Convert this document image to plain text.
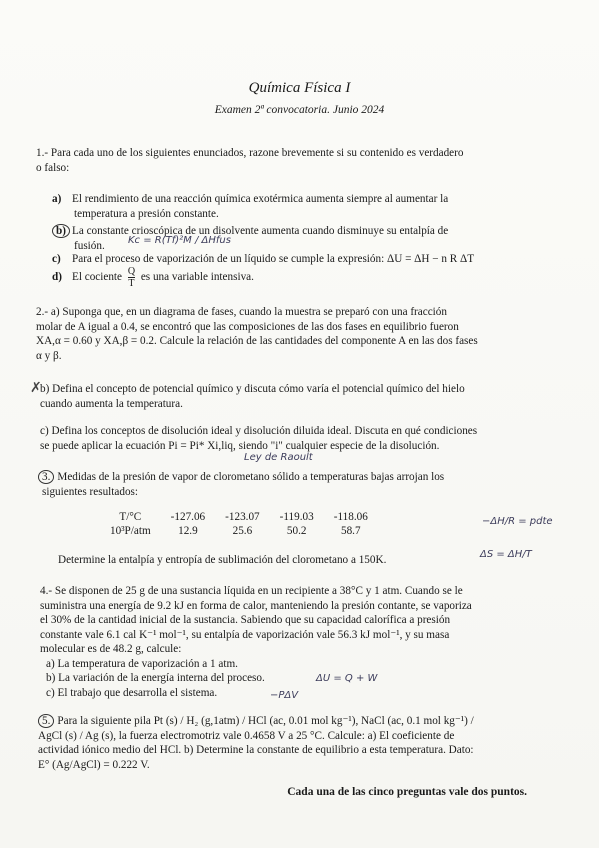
Química Física I
Examen 2ª convocatoria. Junio 2024
1.- Para cada uno de los siguientes enunciados, razone brevemente si su contenido es verdadero
o falso:
a) El rendimiento de una reacción química exotérmica aumenta siempre al aumentar la
temperatura a presión constante.
b) La constante crioscópica de un disolvente aumenta cuando disminuye su entalpía de
fusión.	Kc = R(Tf)²M / ΔHfus
c) Para el proceso de vaporización de un líquido se cumple la expresión: ΔU = ΔH − n R ΔT
d) El cociente $\frac{Q}{T}$ es una variable intensiva.
2.- a) Suponga que, en un diagrama de fases, cuando la muestra se preparó con una fracción
molar de A igual a 0.4, se encontró que las composiciones de las dos fases en equilibrio fueron
XA,α = 0.60 y XA,β = 0.2. Calcule la relación de las cantidades del componente A en las dos fases
α y β.
✗
b) Defina el concepto de potencial químico y discuta cómo varía el potencial químico del hielo
cuando aumenta la temperatura.
c) Defina los conceptos de disolución ideal y disolución diluida ideal. Discuta en qué condiciones
se puede aplicar la ecuación Pi = Pi* Xi,liq, siendo "i" cualquier especie de la disolución.
Ley de Raoult
3. Medidas de la presión de vapor de clorometano sólido a temperaturas bajas arrojan los
siguientes resultados:
T/°C	-127.06	-123.07	-119.03	-118.06
10³P/atm	12.9	25.6	50.2	58.7
−ΔH/R = pdte
Determine la entalpía y entropía de sublimación del clorometano a 150K.	ΔS = ΔH/T
4.- Se disponen de 25 g de una sustancia líquida en un recipiente a 38°C y 1 atm. Cuando se le
suministra una energía de 9.2 kJ en forma de calor, manteniendo la presión contante, se vaporiza
el 30% de la cantidad inicial de la sustancia. Sabiendo que su capacidad calorífica a presión
constante vale 6.1 cal K⁻¹ mol⁻¹, su entalpía de vaporización vale 56.3 kJ mol⁻¹, y su masa
molecular es de 48.2 g, calcule:
a) La temperatura de vaporización a 1 atm.
b) La variación de la energía interna del proceso.
c) El trabajo que desarrolla el sistema.
ΔU = Q + W
−PΔV
5. Para la siguiente pila Pt (s) / H₂ (g,1atm) / HCl (ac, 0.01 mol kg⁻¹), NaCl (ac, 0.1 mol kg⁻¹) /
AgCl (s) / Ag (s), la fuerza electromotriz vale 0.4658 V a 25 °C. Calcule: a) El coeficiente de
actividad iónico medio del HCl. b) Determine la constante de equilibrio a esta temperatura. Dato:
E° (Ag/AgCl) = 0.222 V.
Cada una de las cinco preguntas vale dos puntos.
